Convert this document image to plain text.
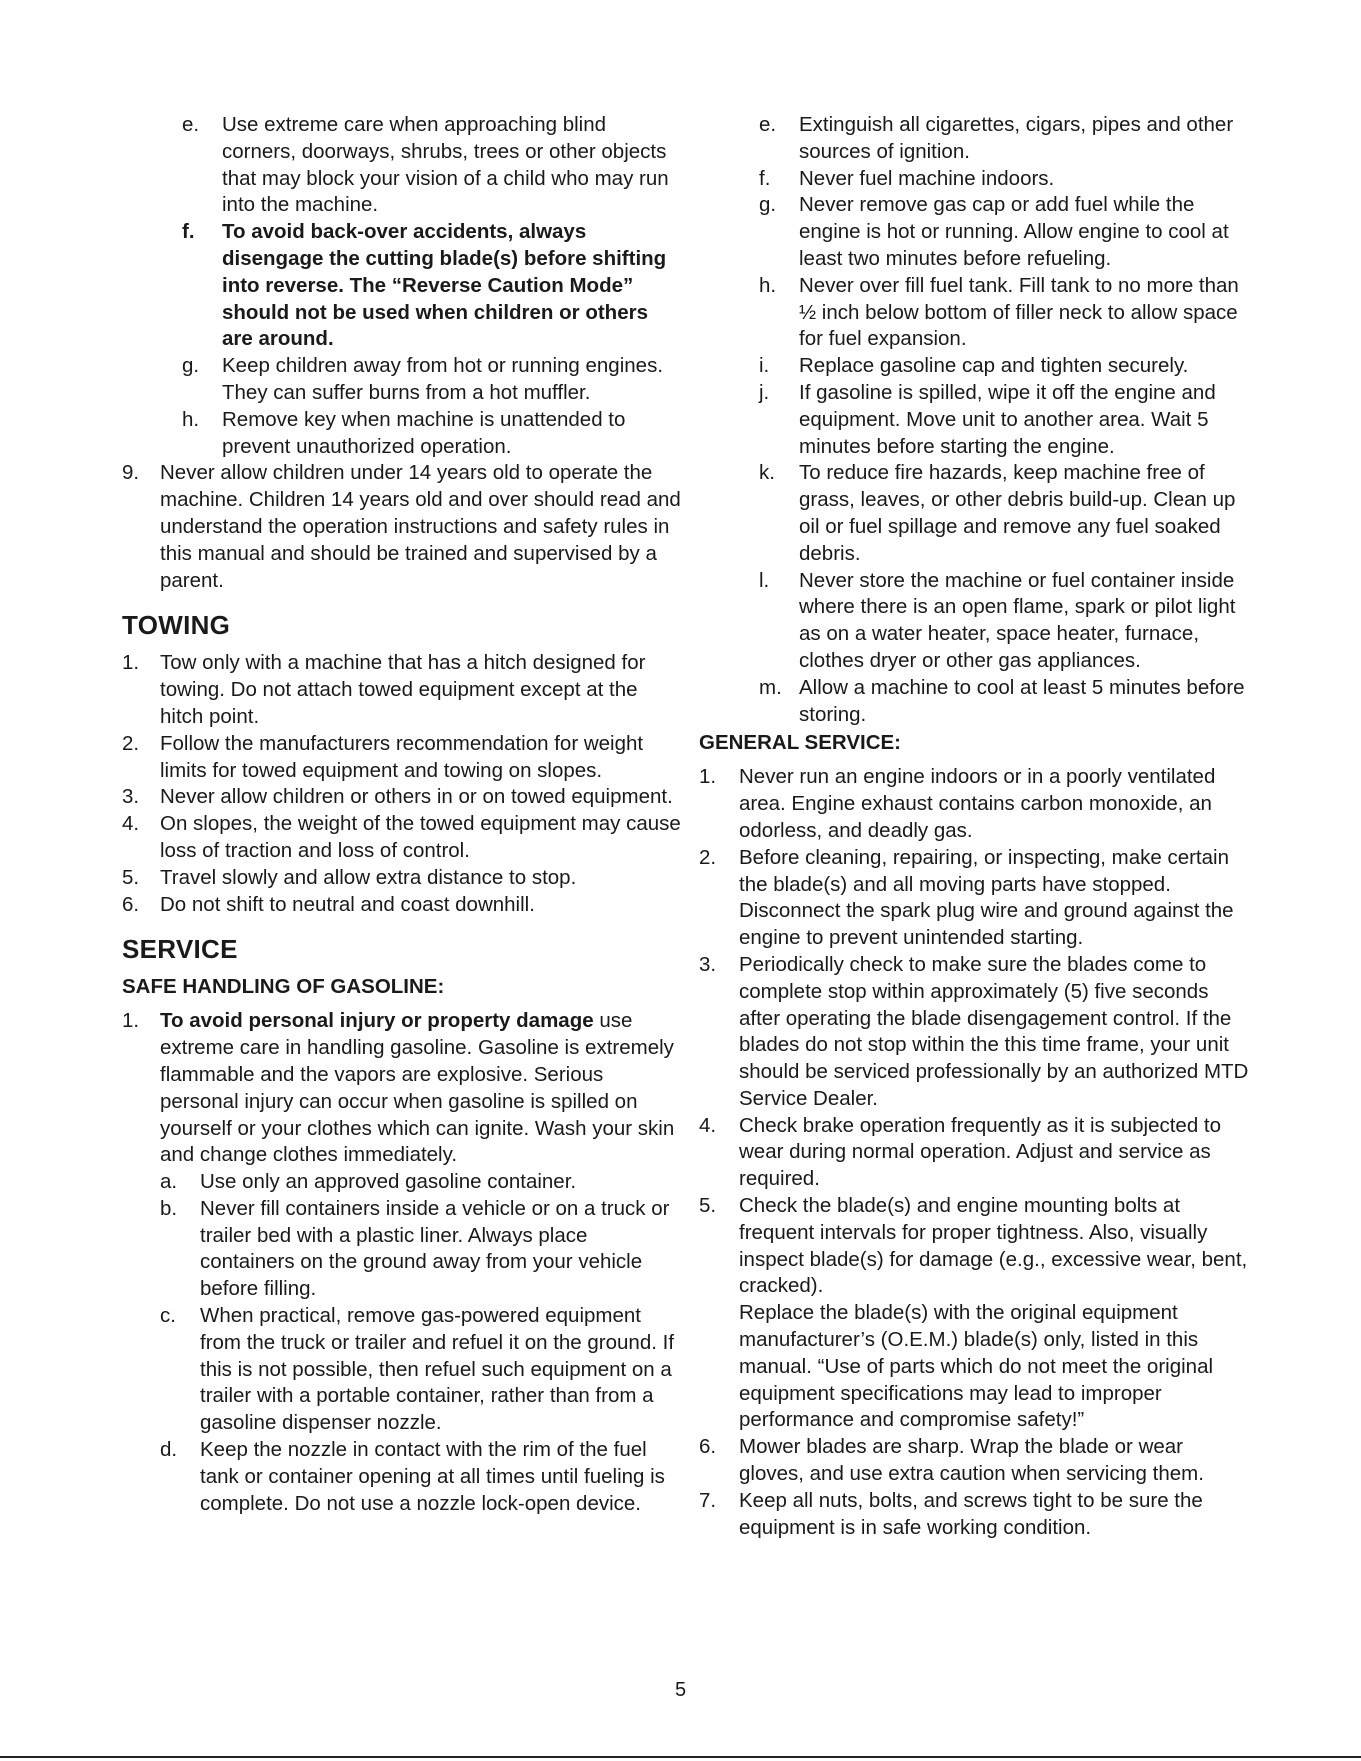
e.	Use extreme care when approaching blind corners, doorways, shrubs, trees or other objects that may block your vision of a child who may run into the machine.
f.	To avoid back-over accidents, always disengage the cutting blade(s) before shifting into reverse. The “Reverse Caution Mode” should not be used when children or others are around.
g.	Keep children away from hot or running engines. They can suffer burns from a hot muffler.
h.	Remove key when machine is unattended to prevent unauthorized operation.
9.	Never allow children under 14 years old to operate the machine. Children 14 years old and over should read and understand the operation instructions and safety rules in this manual and should be trained and supervised by a parent.
TOWING
1.	Tow only with a machine that has a hitch designed for towing. Do not attach towed equipment except at the hitch point.
2.	Follow the manufacturers recommendation for weight limits for towed equipment and towing on slopes.
3.	Never allow children or others in or on towed equipment.
4.	On slopes, the weight of the towed equipment may cause loss of traction and loss of control.
5.	Travel slowly and allow extra distance to stop.
6.	Do not shift to neutral and coast downhill.
SERVICE
SAFE HANDLING OF GASOLINE:
1.	To avoid personal injury or property damage use extreme care in handling gasoline. Gasoline is extremely flammable and the vapors are explosive. Serious personal injury can occur when gasoline is spilled on yourself or your clothes which can ignite. Wash your skin and change clothes immediately.
a.	Use only an approved gasoline container.
b.	Never fill containers inside a vehicle or on a truck or trailer bed with a plastic liner. Always place containers on the ground away from your vehicle before filling.
c.	When practical, remove gas-powered equipment from the truck or trailer and refuel it on the ground. If this is not possible, then refuel such equipment on a trailer with a portable container, rather than from a gasoline dispenser nozzle.
d.	Keep the nozzle in contact with the rim of the fuel tank or container opening at all times until fueling is complete. Do not use a nozzle lock-open device.
e.	Extinguish all cigarettes, cigars, pipes and other sources of ignition.
f.	Never fuel machine indoors.
g.	Never remove gas cap or add fuel while the engine is hot or running. Allow engine to cool at least two minutes before refueling.
h.	Never over fill fuel tank. Fill tank to no more than ½ inch below bottom of filler neck to allow space for fuel expansion.
i.	Replace gasoline cap and tighten securely.
j.	If gasoline is spilled, wipe it off the engine and equipment. Move unit to another area. Wait 5 minutes before starting the engine.
k.	To reduce fire hazards, keep machine free of grass, leaves, or other debris build-up. Clean up oil or fuel spillage and remove any fuel soaked debris.
l.	Never store the machine or fuel container inside where there is an open flame, spark or pilot light as on a water heater, space heater, furnace, clothes dryer or other gas appliances.
m. Allow a machine to cool at least 5 minutes before storing.
GENERAL SERVICE:
1.	Never run an engine indoors or in a poorly ventilated area. Engine exhaust contains carbon monoxide, an odorless, and deadly gas.
2.	Before cleaning, repairing, or inspecting, make certain the blade(s) and all moving parts have stopped. Disconnect the spark plug wire and ground against the engine to prevent unintended starting.
3.	Periodically check to make sure the blades come to complete stop within approximately (5) five seconds after operating the blade disengagement control. If the blades do not stop within the this time frame, your unit should be serviced professionally by an authorized MTD Service Dealer.
4.	Check brake operation frequently as it is subjected to wear during normal operation. Adjust and service as required.
5.	Check the blade(s) and engine mounting bolts at frequent intervals for proper tightness. Also, visually inspect blade(s) for damage (e.g., excessive wear, bent, cracked).
Replace the blade(s) with the original equipment manufacturer’s (O.E.M.) blade(s) only, listed in this manual. “Use of parts which do not meet the original equipment specifications may lead to improper performance and compromise safety!”
6.	Mower blades are sharp. Wrap the blade or wear gloves, and use extra caution when servicing them.
7.	Keep all nuts, bolts, and screws tight to be sure the equipment is in safe working condition.
5
